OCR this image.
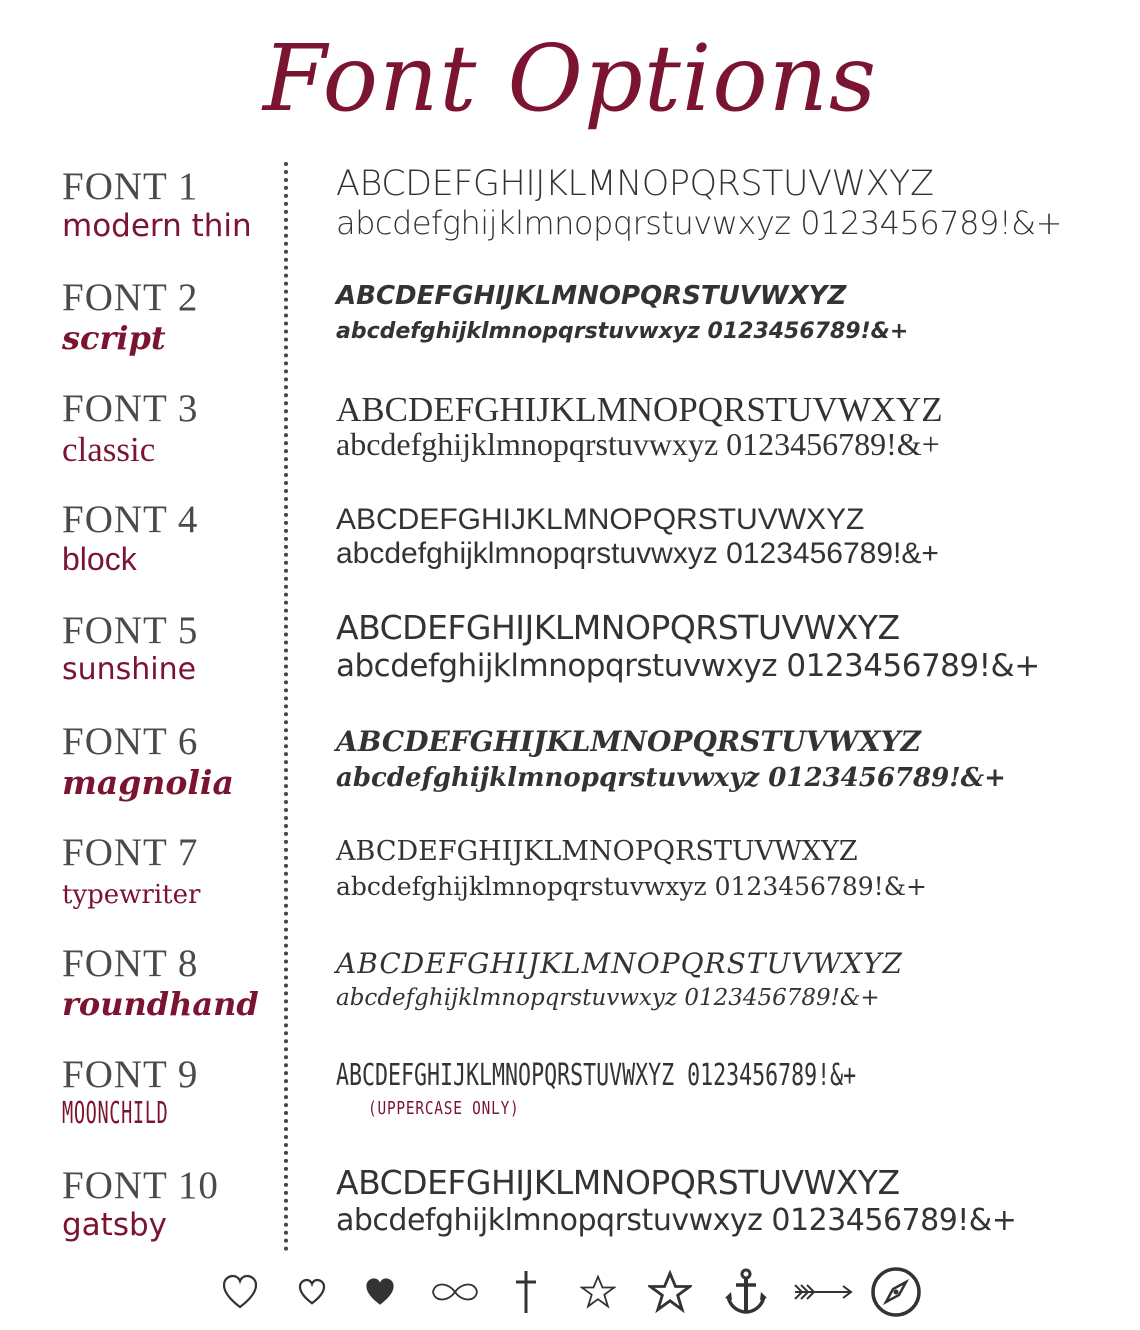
Font Options
FONT 1
modern thin
ABCDEFGHIJKLMNOPQRSTUVWXYZ
abcdefghijklmnopqrstuvwxyz 0123456789!&+
FONT 2
script
ABCDEFGHIJKLMNOPQRSTUVWXYZ
abcdefghijklmnopqrstuvwxyz 0123456789!&+
FONT 3
classic
ABCDEFGHIJKLMNOPQRSTUVWXYZ
abcdefghijklmnopqrstuvwxyz 0123456789!&+
FONT 4
block
ABCDEFGHIJKLMNOPQRSTUVWXYZ
abcdefghijklmnopqrstuvwxyz 0123456789!&+
FONT 5
sunshine
ABCDEFGHIJKLMNOPQRSTUVWXYZ
abcdefghijklmnopqrstuvwxyz 0123456789!&+
FONT 6
magnolia
ABCDEFGHIJKLMNOPQRSTUVWXYZ
abcdefghijklmnopqrstuvwxyz 0123456789!&+
FONT 7
typewriter
ABCDEFGHIJKLMNOPQRSTUVWXYZ
abcdefghijklmnopqrstuvwxyz 0123456789!&+
FONT 8
roundhand
ABCDEFGHIJKLMNOPQRSTUVWXYZ
abcdefghijklmnopqrstuvwxyz 0123456789!&+
FONT 9
MOONCHILD
ABCDEFGHIJKLMNOPQRSTUVWXYZ 0123456789!&+
(UPPERCASE ONLY)
FONT 10
gatsby
ABCDEFGHIJKLMNOPQRSTUVWXYZ
abcdefghijklmnopqrstuvwxyz 0123456789!&+
